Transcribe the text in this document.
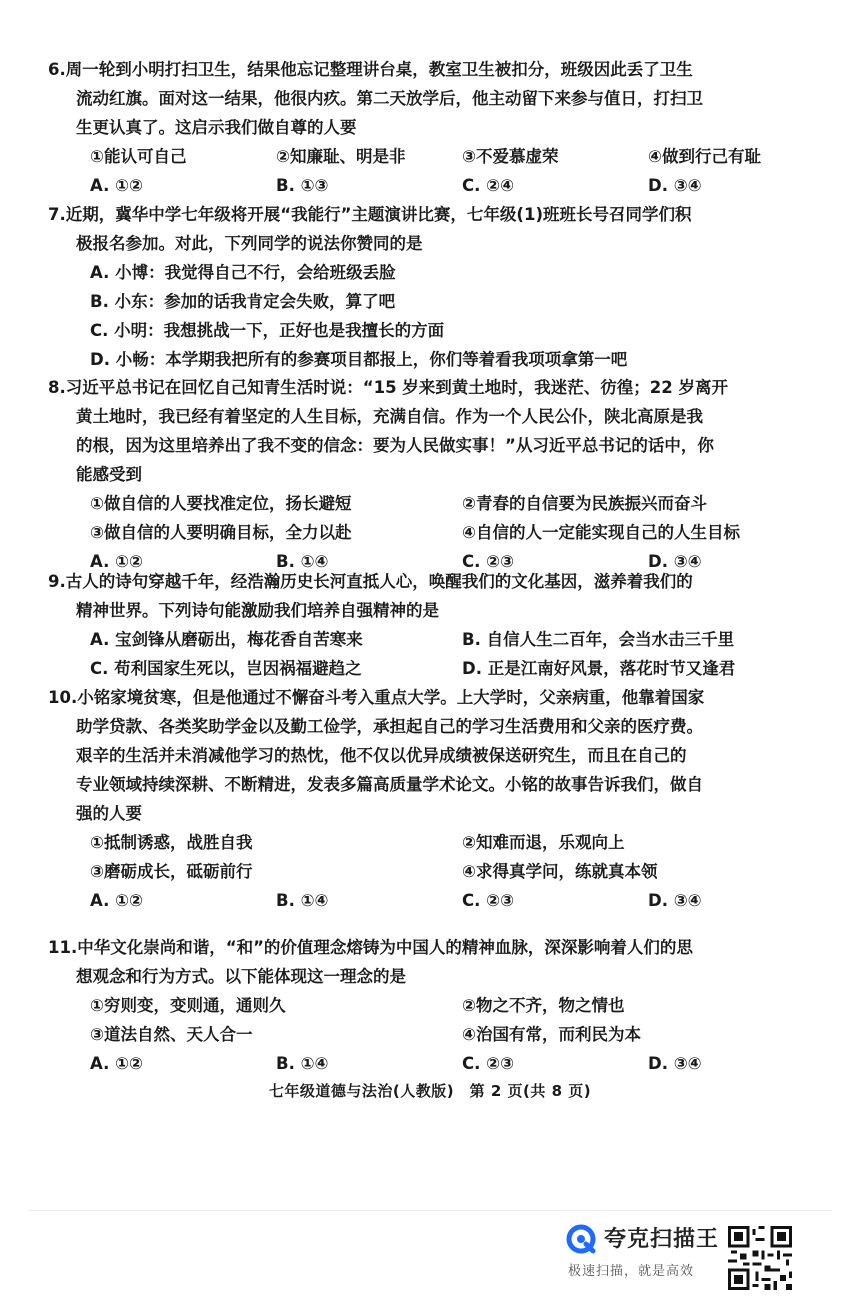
6.周一轮到小明打扫卫生，结果他忘记整理讲台桌，教室卫生被扣分，班级因此丢了卫生
流动红旗。面对这一结果，他很内疚。第二天放学后，他主动留下来参与值日，打扫卫
生更认真了。这启示我们做自尊的人要
①能认可自己	②知廉耻、明是非	③不爱慕虚荣	④做到行己有耻
A. ①②	B. ①③	C. ②④	D. ③④
7.近期，冀华中学七年级将开展“我能行”主题演讲比赛，七年级(1)班班长号召同学们积
极报名参加。对此，下列同学的说法你赞同的是
A. 小博：我觉得自己不行，会给班级丢脸
B. 小东：参加的话我肯定会失败，算了吧
C. 小明：我想挑战一下，正好也是我擅长的方面
D. 小畅：本学期我把所有的参赛项目都报上，你们等着看我项项拿第一吧
8.习近平总书记在回忆自己知青生活时说：“15 岁来到黄土地时，我迷茫、彷徨；22 岁离开
黄土地时，我已经有着坚定的人生目标，充满自信。作为一个人民公仆，陕北高原是我
的根，因为这里培养出了我不变的信念：要为人民做实事！”从习近平总书记的话中，你
能感受到
①做自信的人要找准定位，扬长避短	②青春的自信要为民族振兴而奋斗
③做自信的人要明确目标，全力以赴	④自信的人一定能实现自己的人生目标
A. ①②	B. ①④	C. ②③	D. ③④
9.古人的诗句穿越千年，经浩瀚历史长河直抵人心，唤醒我们的文化基因，滋养着我们的
精神世界。下列诗句能激励我们培养自强精神的是
A. 宝剑锋从磨砺出，梅花香自苦寒来	B. 自信人生二百年，会当水击三千里
C. 苟利国家生死以，岂因祸福避趋之	D. 正是江南好风景，落花时节又逢君
10.小铭家境贫寒，但是他通过不懈奋斗考入重点大学。上大学时，父亲病重，他靠着国家
助学贷款、各类奖助学金以及勤工俭学，承担起自己的学习生活费用和父亲的医疗费。
艰辛的生活并未消减他学习的热忱，他不仅以优异成绩被保送研究生，而且在自己的
专业领域持续深耕、不断精进，发表多篇高质量学术论文。小铭的故事告诉我们，做自
强的人要
①抵制诱惑，战胜自我	②知难而退，乐观向上
③磨砺成长，砥砺前行	④求得真学问，练就真本领
A. ①②	B. ①④	C. ②③	D. ③④
11.中华文化崇尚和谐，“和”的价值理念熔铸为中国人的精神血脉，深深影响着人们的思
想观念和行为方式。以下能体现这一理念的是
①穷则变，变则通，通则久	②物之不齐，物之情也
③道法自然、天人合一	④治国有常，而利民为本
A. ①②	B. ①④	C. ②③	D. ③④
七年级道德与法治(人教版)　第 2 页(共 8 页)
夸克扫描王
极速扫描，就是高效
